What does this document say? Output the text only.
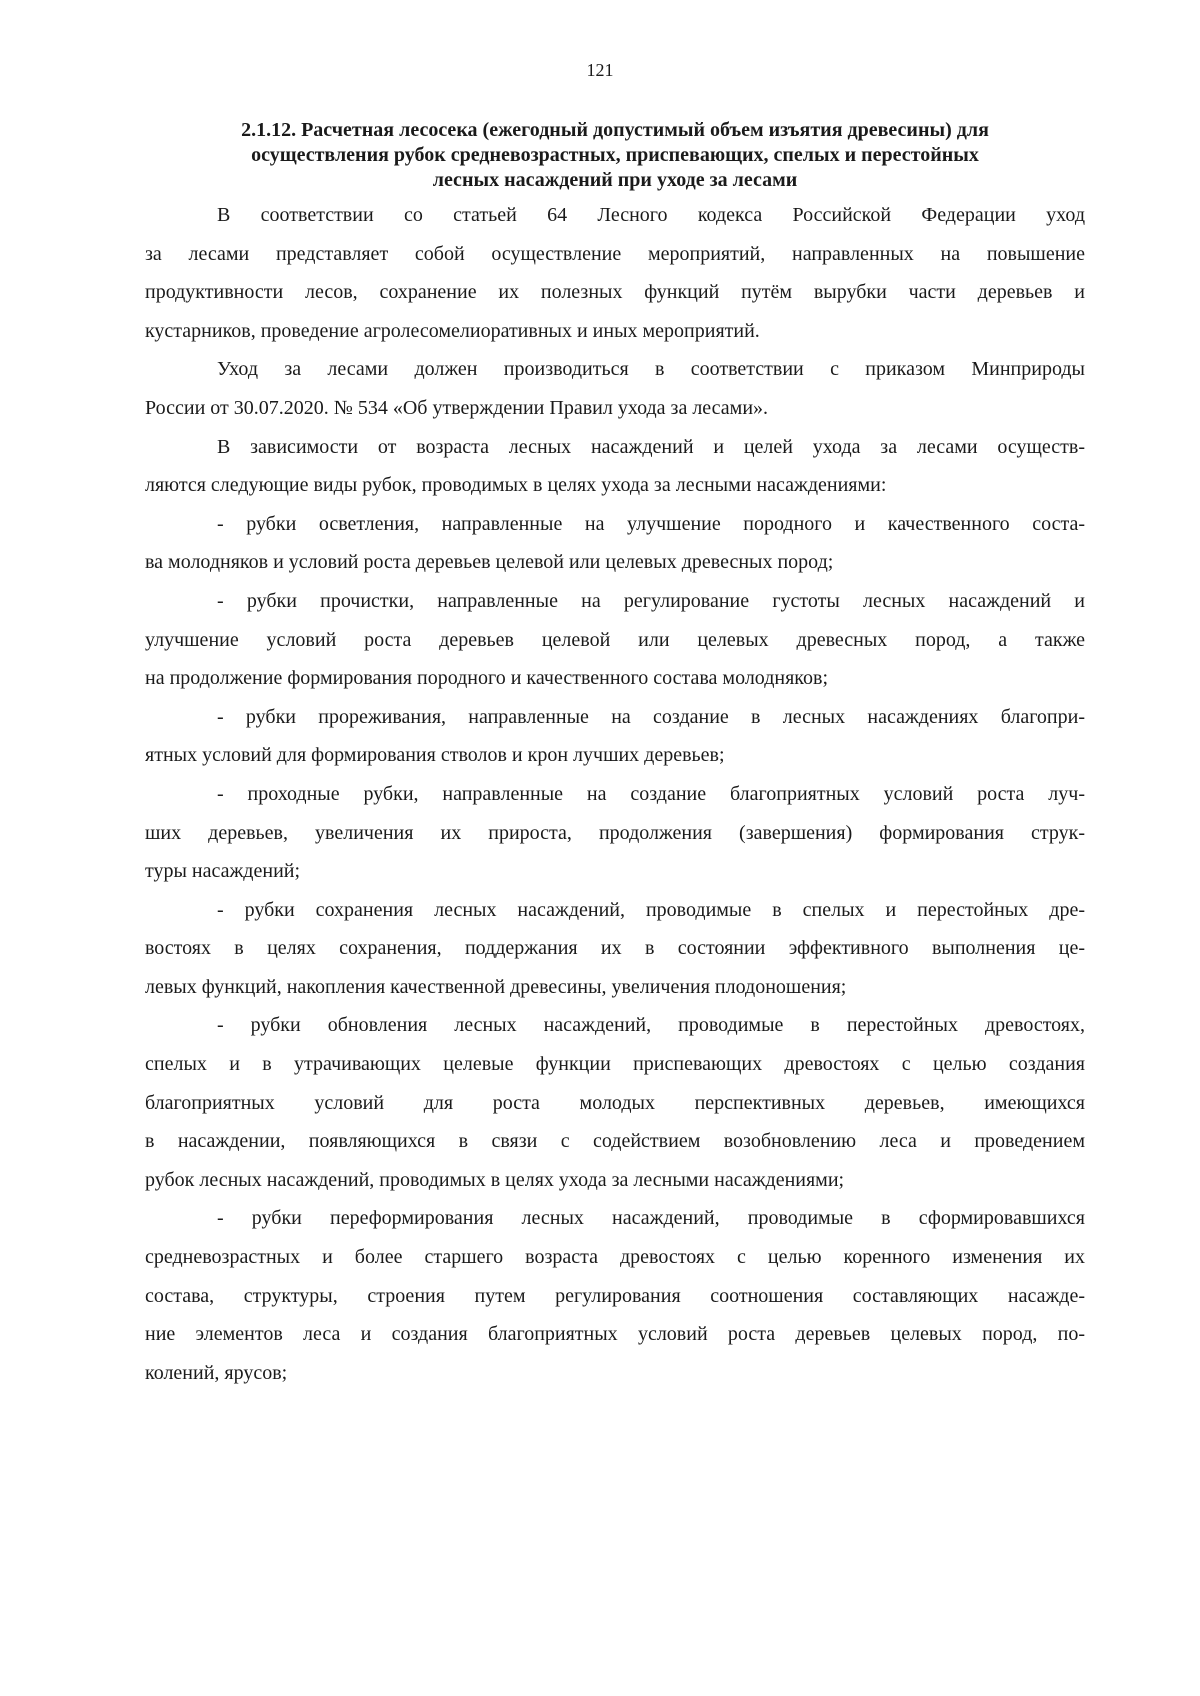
121
2.1.12. Расчетная лесосека (ежегодный допустимый объем изъятия древесины) для
осуществления рубок средневозрастных, приспевающих, спелых и перестойных
лесных насаждений при уходе за лесами
В соответствии со статьей 64 Лесного кодекса Российской Федерации уход
за лесами представляет собой осуществление мероприятий, направленных на повышение
продуктивности лесов, сохранение их полезных функций путём вырубки части деревьев и
кустарников, проведение агролесомелиоративных и иных мероприятий.
Уход за лесами должен производиться в соответствии с приказом Минприроды
России от 30.07.2020. № 534 «Об утверждении Правил ухода за лесами».
В зависимости от возраста лесных насаждений и целей ухода за лесами осуществ-
ляются следующие виды рубок, проводимых в целях ухода за лесными насаждениями:
- рубки осветления, направленные на улучшение породного и качественного соста-
ва молодняков и условий роста деревьев целевой или целевых древесных пород;
- рубки прочистки, направленные на регулирование густоты лесных насаждений и
улучшение условий роста деревьев целевой или целевых древесных пород, а также
на продолжение формирования породного и качественного состава молодняков;
- рубки прореживания, направленные на создание в лесных насаждениях благопри-
ятных условий для формирования стволов и крон лучших деревьев;
- проходные рубки, направленные на создание благоприятных условий роста луч-
ших деревьев, увеличения их прироста, продолжения (завершения) формирования струк-
туры насаждений;
- рубки сохранения лесных насаждений, проводимые в спелых и перестойных дре-
востоях в целях сохранения, поддержания их в состоянии эффективного выполнения це-
левых функций, накопления качественной древесины, увеличения плодоношения;
- рубки обновления лесных насаждений, проводимые в перестойных древостоях,
спелых и в утрачивающих целевые функции приспевающих древостоях с целью создания
благоприятных условий для роста молодых перспективных деревьев, имеющихся
в насаждении, появляющихся в связи с содействием возобновлению леса и проведением
рубок лесных насаждений, проводимых в целях ухода за лесными насаждениями;
- рубки переформирования лесных насаждений, проводимые в сформировавшихся
средневозрастных и более старшего возраста древостоях с целью коренного изменения их
состава, структуры, строения путем регулирования соотношения составляющих насажде-
ние элементов леса и создания благоприятных условий роста деревьев целевых пород, по-
колений, ярусов;
